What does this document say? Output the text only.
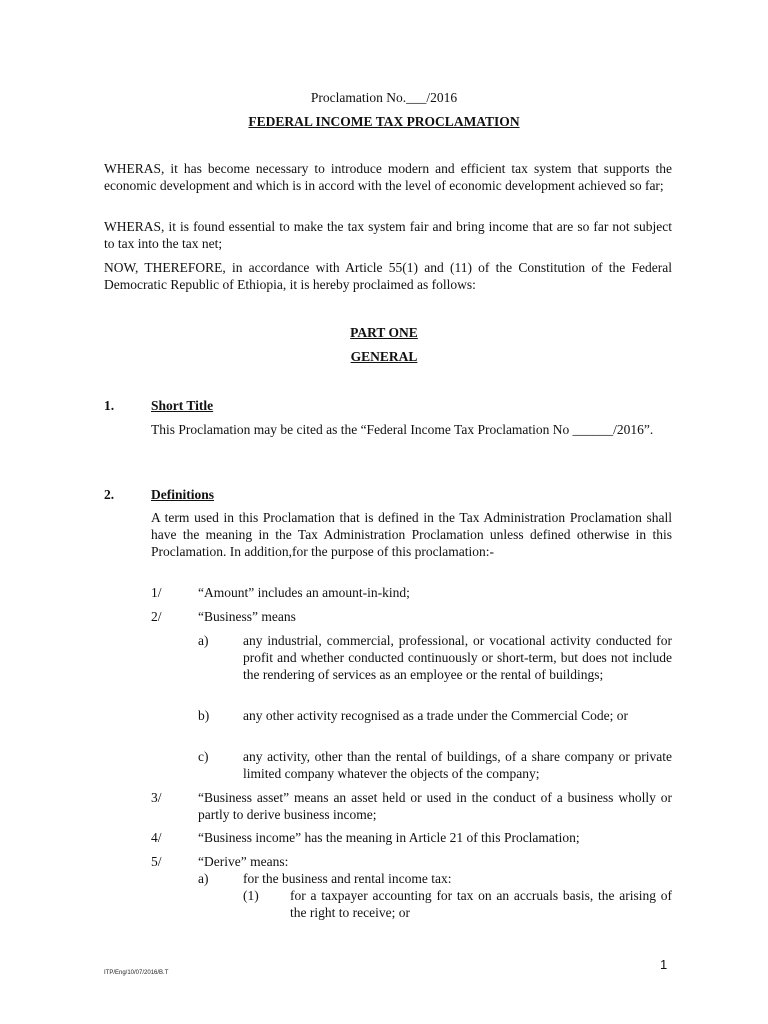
Proclamation No.___/2016
FEDERAL INCOME TAX PROCLAMATION

WHERAS, it has become necessary to introduce modern and efficient tax system that supports the economic development and which is in accord with the level of economic development achieved so far;

WHERAS, it is found essential to make the tax system fair and bring income that are so far not subject to tax into the tax net;

NOW, THEREFORE, in accordance with Article 55(1) and (11) of the Constitution of the Federal Democratic Republic of Ethiopia, it is hereby proclaimed as follows:

PART ONE
GENERAL
1.	Short Title

This Proclamation may be cited as the “Federal Income Tax Proclamation No ______/2016”.

2.	Definitions

A term used in this Proclamation that is defined in the Tax Administration Proclamation shall have the meaning in the Tax Administration Proclamation unless defined otherwise in this Proclamation. In addition,for the purpose of this proclamation:-

1/	“Amount” includes an amount-in-kind;

2/	“Business” means

a)	any industrial, commercial, professional, or vocational activity conducted for profit and whether conducted continuously or short-term, but does not include the rendering of services as an employee or the rental of buildings;

b)	any other activity recognised as a trade under the Commercial Code; or

c)	any activity, other than the rental of buildings, of a share company or private limited company whatever the objects of the company;

3/	“Business asset” means an asset held or used in the conduct of a business wholly or partly to derive business income;

4/	“Business income” has the meaning in Article 21 of this Proclamation;

5/	“Derive” means:

a)	for the business and rental income tax:

(1) for a taxpayer accounting for tax on an accruals basis, the arising of the right to receive; or

1
ITP/Eng/10/07/2016/B.T
